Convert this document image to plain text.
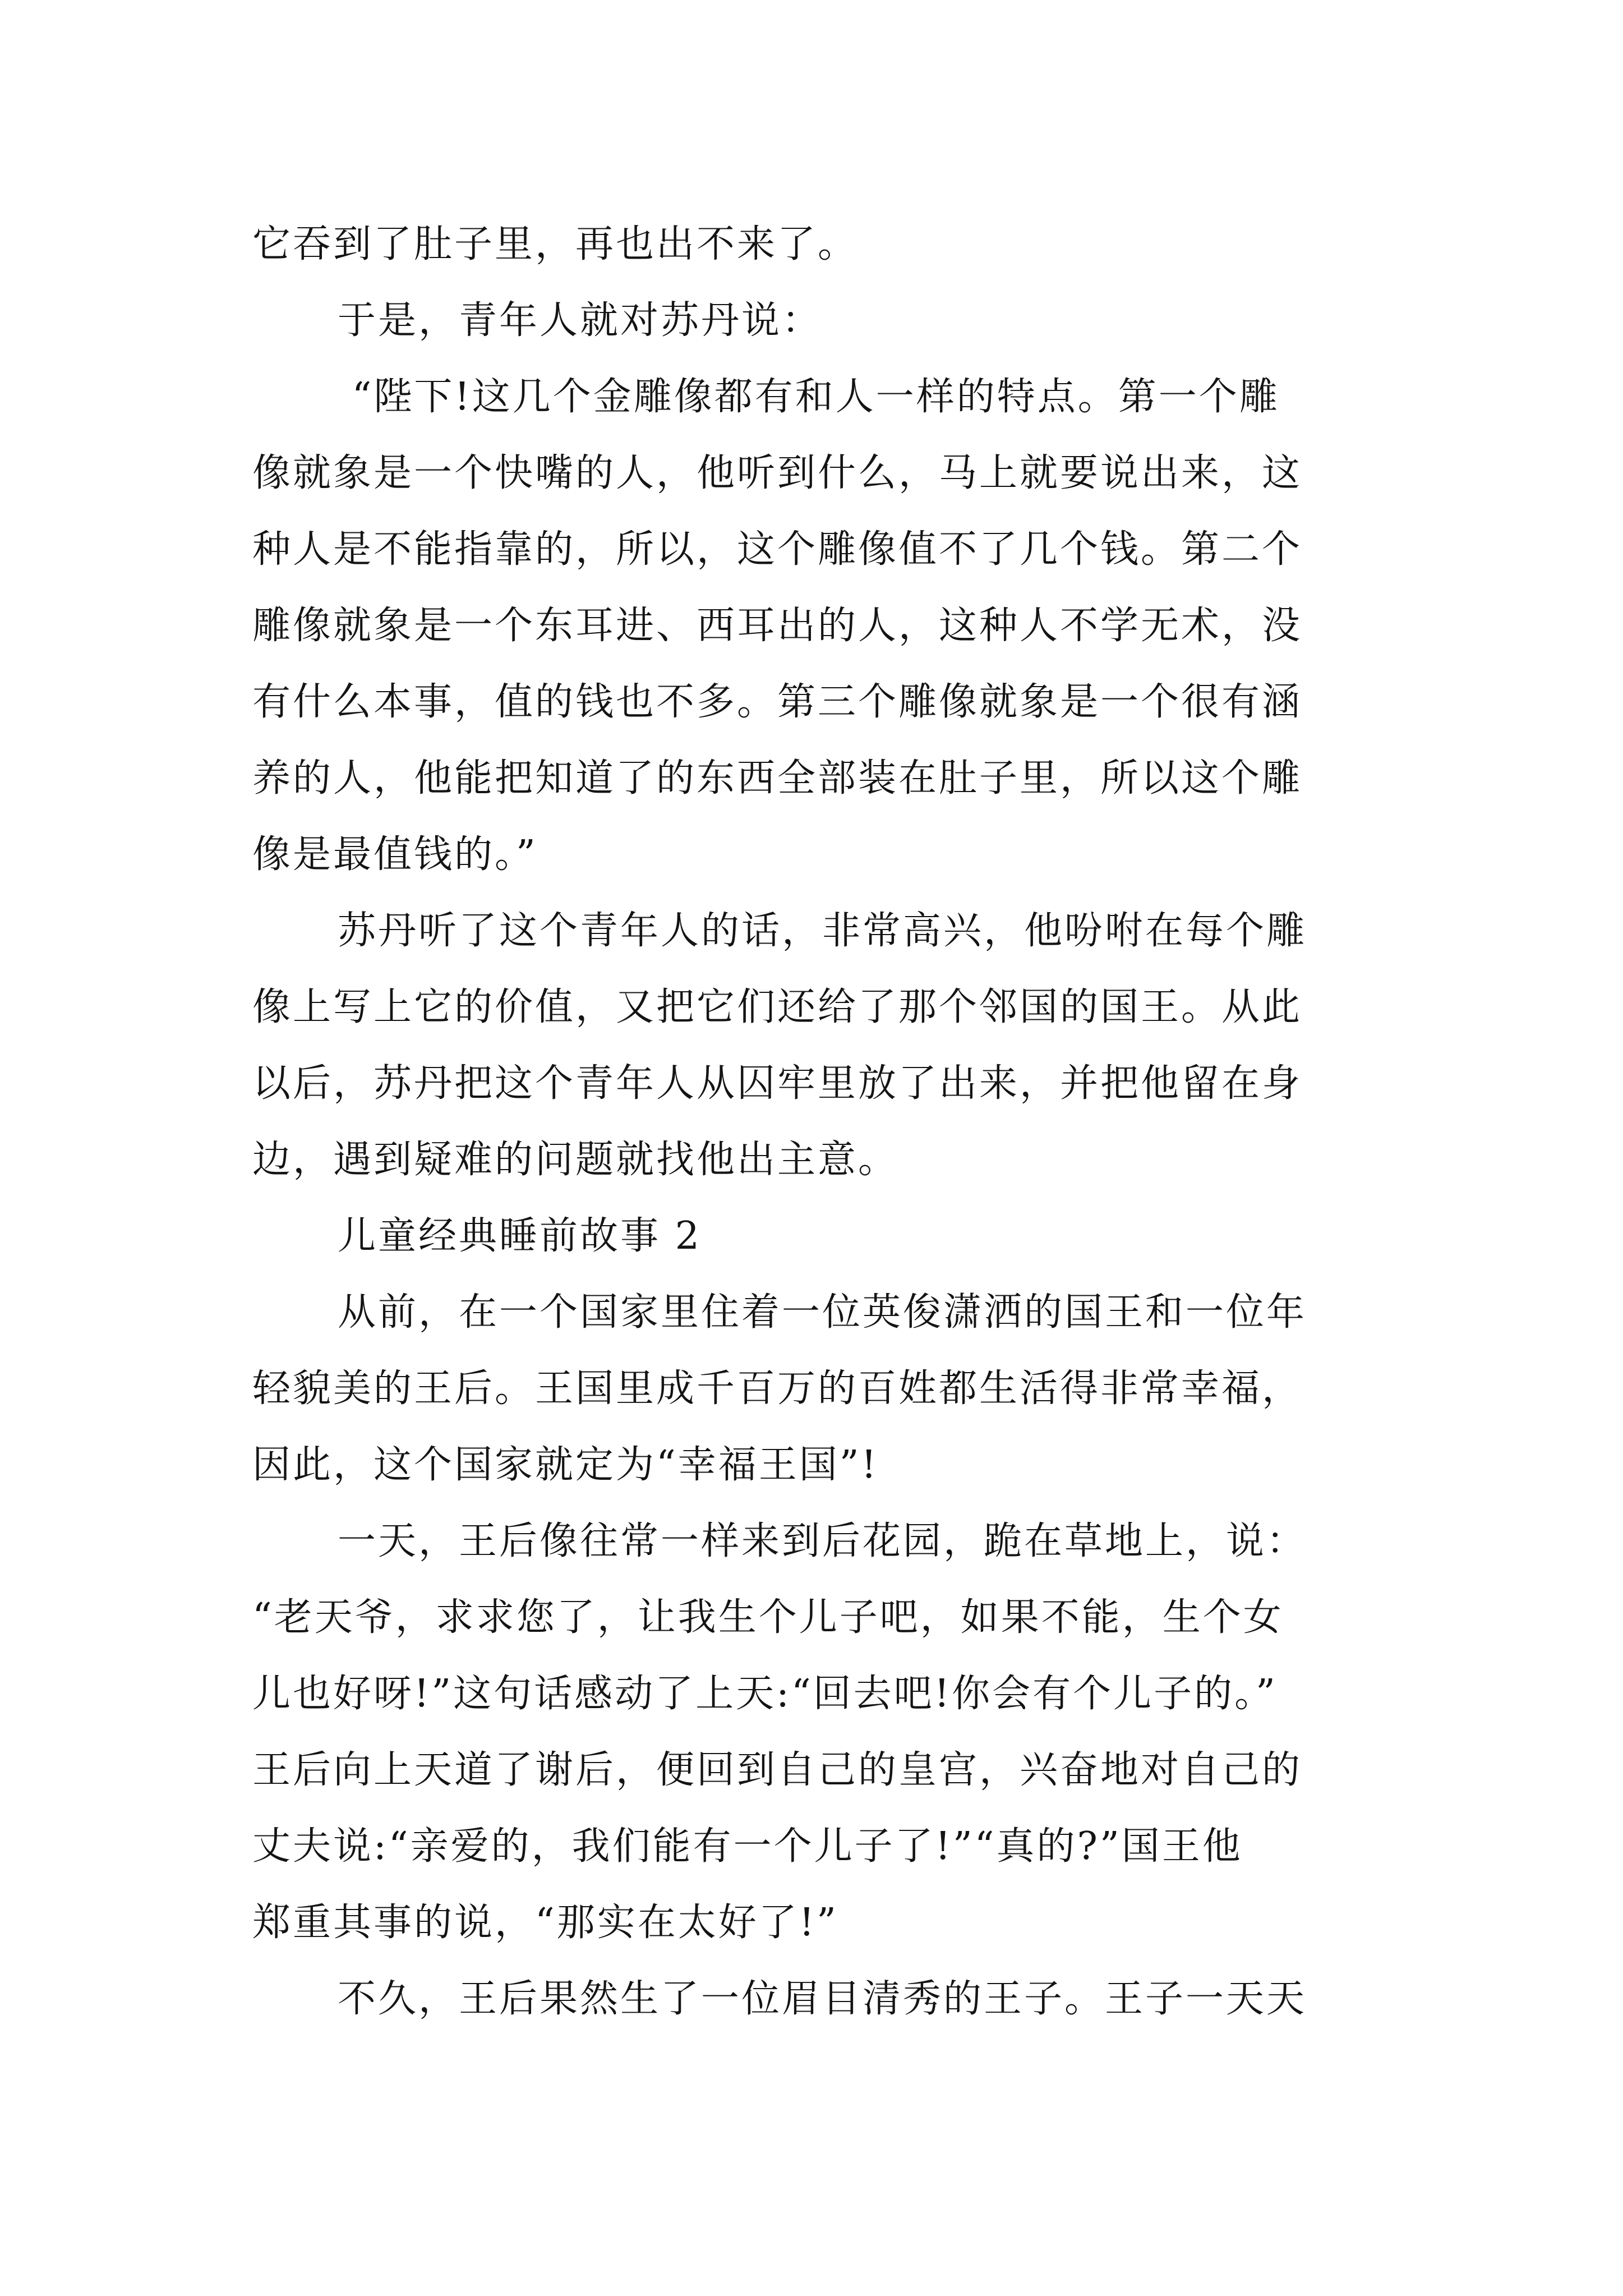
它吞到了肚子里，再也出不来了。
于是，青年人就对苏丹说：
“陛下!这几个金雕像都有和人一样的特点。第一个雕
像就象是一个快嘴的人，他听到什么，马上就要说出来，这
种人是不能指靠的，所以，这个雕像值不了几个钱。第二个
雕像就象是一个东耳进、西耳出的人，这种人不学无术，没
有什么本事，值的钱也不多。第三个雕像就象是一个很有涵
养的人，他能把知道了的东西全部装在肚子里，所以这个雕
像是最值钱的。”
苏丹听了这个青年人的话，非常高兴，他吩咐在每个雕
像上写上它的价值，又把它们还给了那个邻国的国王。从此
以后，苏丹把这个青年人从囚牢里放了出来，并把他留在身
边，遇到疑难的问题就找他出主意。
儿童经典睡前故事 2
从前，在一个国家里住着一位英俊潇洒的国王和一位年
轻貌美的王后。王国里成千百万的百姓都生活得非常幸福，
因此，这个国家就定为“幸福王国”!
一天，王后像往常一样来到后花园，跪在草地上，说：
“老天爷，求求您了，让我生个儿子吧，如果不能，生个女
儿也好呀!”这句话感动了上天:“回去吧!你会有个儿子的。”
王后向上天道了谢后，便回到自己的皇宫，兴奋地对自己的
丈夫说:“亲爱的，我们能有一个儿子了!”“真的?”国王他
郑重其事的说，“那实在太好了!”
不久，王后果然生了一位眉目清秀的王子。王子一天天
